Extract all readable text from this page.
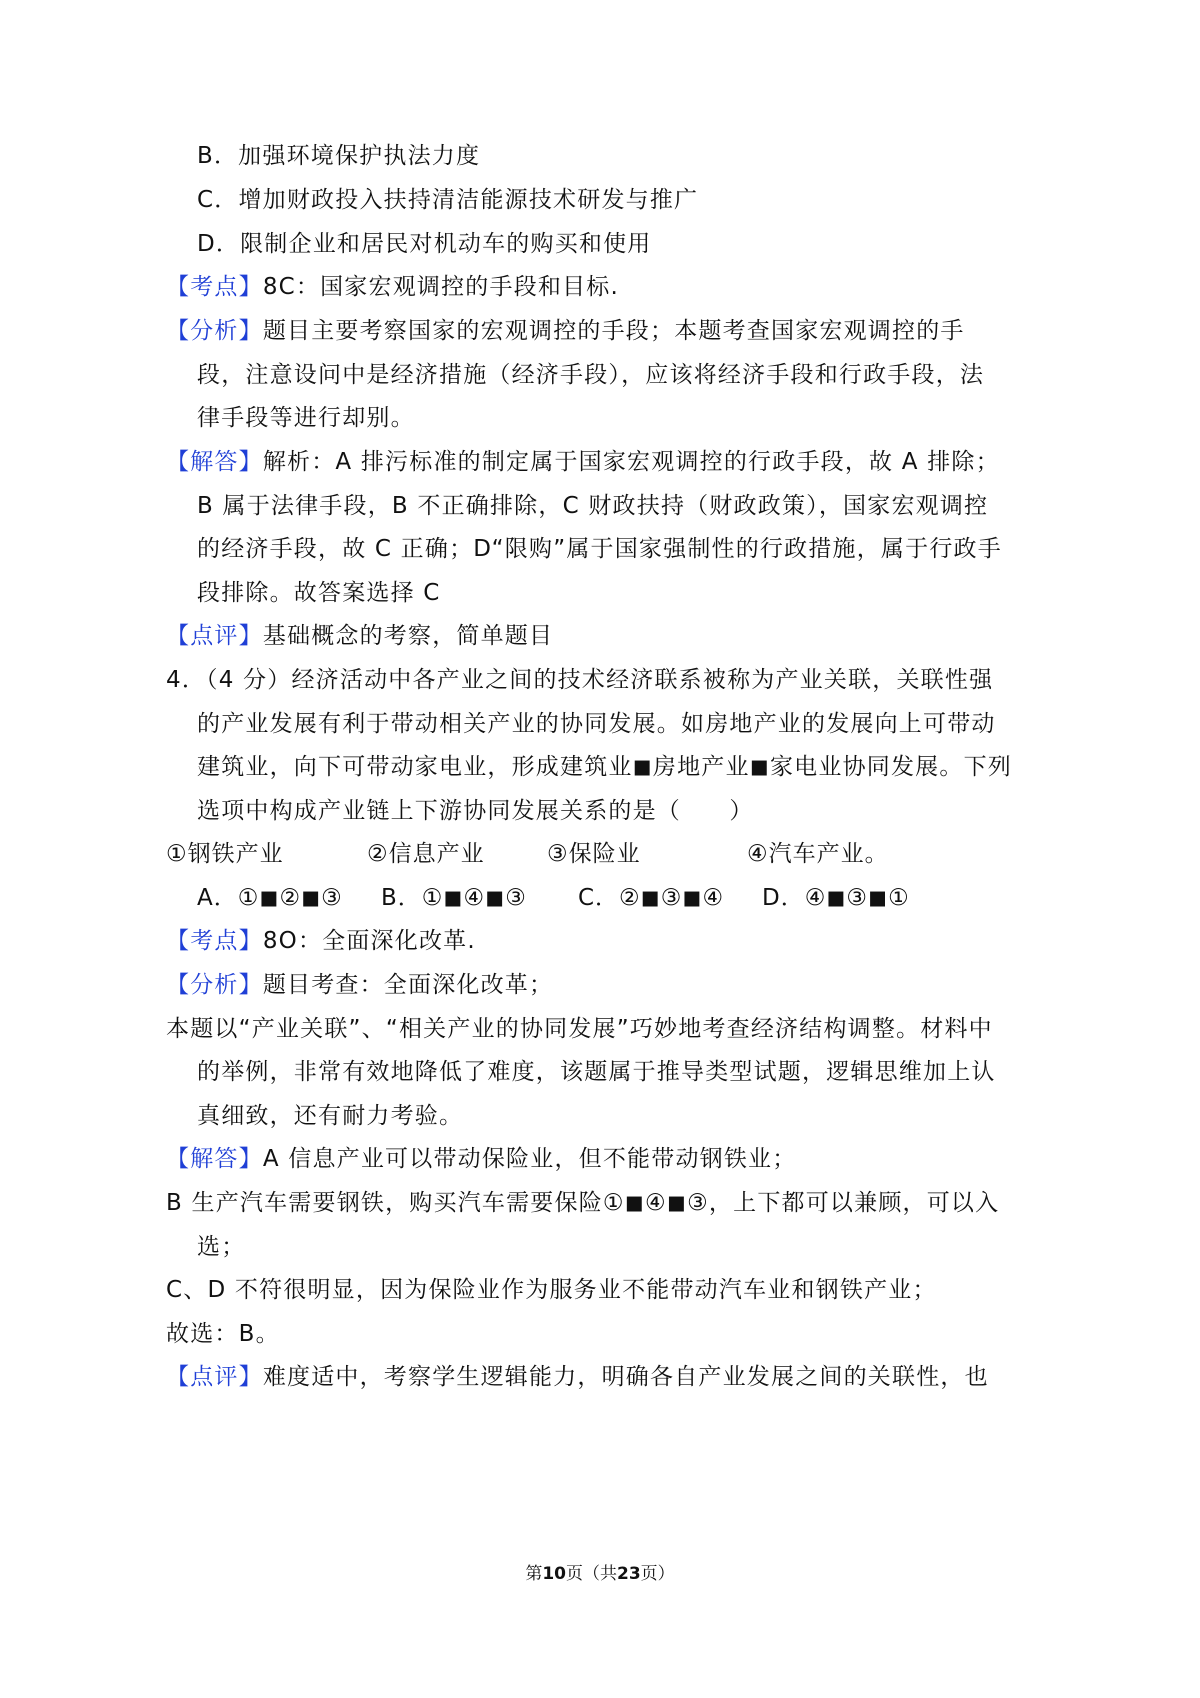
B．加强环境保护执法力度
C．增加财政投入扶持清洁能源技术研发与推广
D．限制企业和居民对机动车的购买和使用
【考点】8C：国家宏观调控的手段和目标.
【分析】题目主要考察国家的宏观调控的手段；本题考查国家宏观调控的手
段，注意设问中是经济措施（经济手段），应该将经济手段和行政手段，法
律手段等进行却别。
【解答】解析：A 排污标准的制定属于国家宏观调控的行政手段，故 A 排除；
B 属于法律手段，B 不正确排除，C 财政扶持（财政政策），国家宏观调控
的经济手段，故 C 正确；D“限购”属于国家强制性的行政措施，属于行政手
段排除。故答案选择 C
【点评】基础概念的考察，简单题目
4．（4 分）经济活动中各产业之间的技术经济联系被称为产业关联，关联性强
的产业发展有利于带动相关产业的协同发展。如房地产业的发展向上可带动
建筑业，向下可带动家电业，形成建筑业◼房地产业◼家电业协同发展。下列
选项中构成产业链上下游协同发展关系的是（　　）
①钢铁产业	②信息产业	③保险业	④汽车产业。
A．①◼②◼③ B．①◼④◼③ C．②◼③◼④ D．④◼③◼①
【考点】8O：全面深化改革.
【分析】题目考查：全面深化改革；
本题以“产业关联”、“相关产业的协同发展”巧妙地考查经济结构调整。材料中
的举例，非常有效地降低了难度，该题属于推导类型试题，逻辑思维加上认
真细致，还有耐力考验。
【解答】A 信息产业可以带动保险业，但不能带动钢铁业；
B 生产汽车需要钢铁，购买汽车需要保险①◼④◼③，上下都可以兼顾，可以入
选；
C、D 不符很明显，因为保险业作为服务业不能带动汽车业和钢铁产业；
故选：B。
【点评】难度适中，考察学生逻辑能力，明确各自产业发展之间的关联性，也
第10页（共23页）
